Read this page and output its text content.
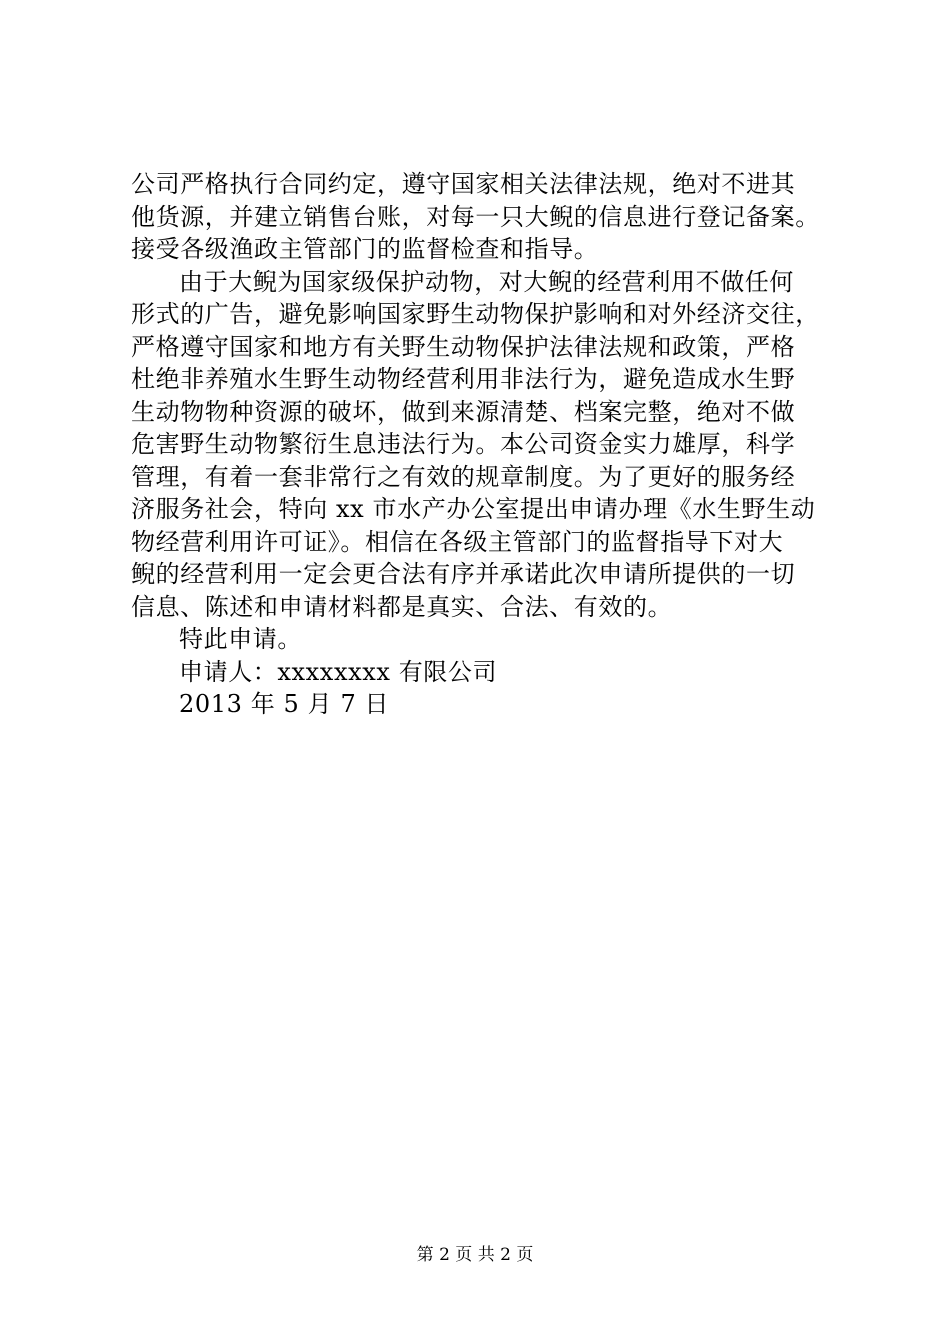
公司严格执行合同约定，遵守国家相关法律法规，绝对不进其
他货源，并建立销售台账，对每一只大鲵的信息进行登记备案。
接受各级渔政主管部门的监督检查和指导。
由于大鲵为国家级保护动物，对大鲵的经营利用不做任何
形式的广告，避免影响国家野生动物保护影响和对外经济交往，
严格遵守国家和地方有关野生动物保护法律法规和政策，严格
杜绝非养殖水生野生动物经营利用非法行为，避免造成水生野
生动物物种资源的破坏，做到来源清楚、档案完整，绝对不做
危害野生动物繁衍生息违法行为。本公司资金实力雄厚，科学
管理，有着一套非常行之有效的规章制度。为了更好的服务经
济服务社会，特向 xx 市水产办公室提出申请办理《水生野生动
物经营利用许可证》。相信在各级主管部门的监督指导下对大
鲵的经营利用一定会更合法有序并承诺此次申请所提供的一切
信息、陈述和申请材料都是真实、合法、有效的。
特此申请。
申请人：xxxxxxxx 有限公司
2013 年 5 月 7 日
第 2 页 共 2 页
